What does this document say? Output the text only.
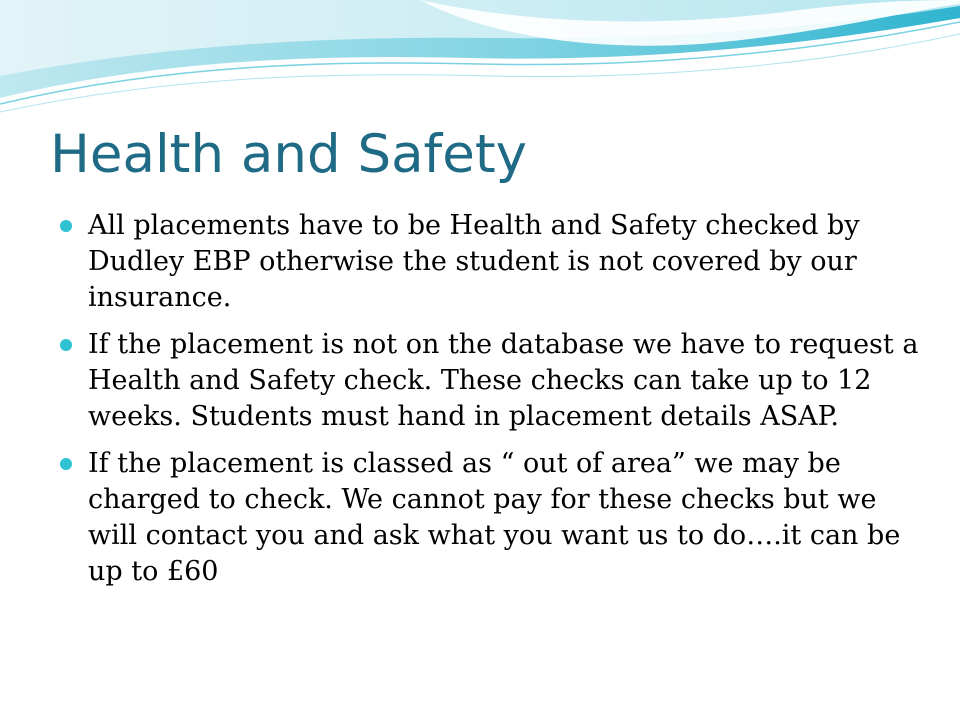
Health and Safety
All placements have to be Health and Safety checked by Dudley EBP otherwise the student is not covered by our insurance.
If the placement is not on the database we have to request a Health and Safety check. These checks can take up to 12 weeks. Students must hand in placement details ASAP.
If the placement is classed as “ out of area” we may be charged to check. We cannot pay for these checks but we will contact you and ask what you want us to do….it can be up to £60
